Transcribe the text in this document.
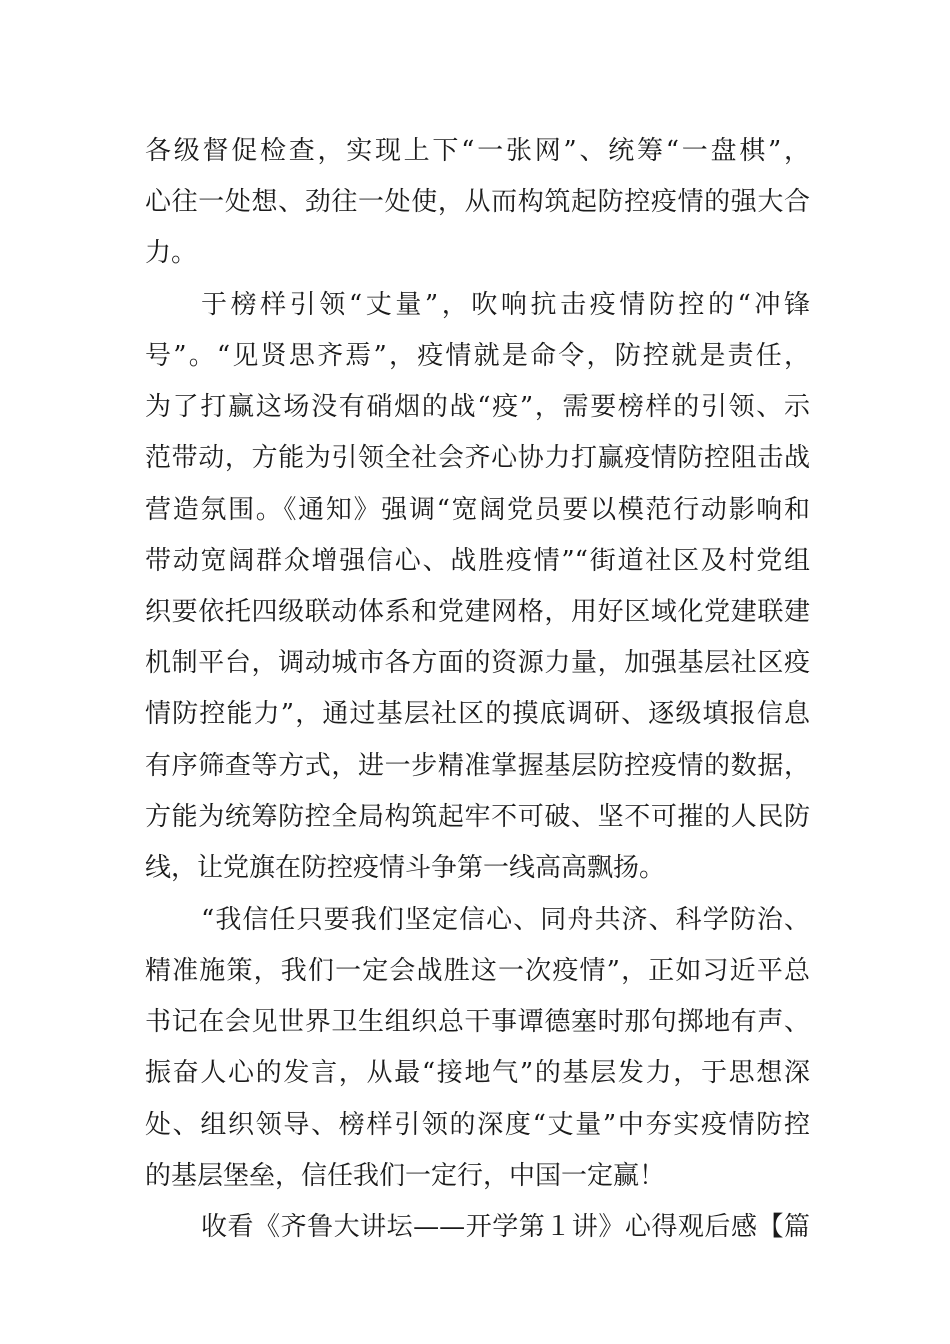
各级督促检查，实现上下“一张网”、统筹“一盘棋”，
心往一处想、劲往一处使，从而构筑起防控疫情的强大合
力。
于榜样引领“丈量”，吹响抗击疫情防控的“冲锋
号”。“见贤思齐焉”，疫情就是命令，防控就是责任，
为了打赢这场没有硝烟的战“疫”，需要榜样的引领、示
范带动，方能为引领全社会齐心协力打赢疫情防控阻击战
营造氛围。《通知》强调“宽阔党员要以模范行动影响和
带动宽阔群众增强信心、战胜疫情”“街道社区及村党组
织要依托四级联动体系和党建网格，用好区域化党建联建
机制平台，调动城市各方面的资源力量，加强基层社区疫
情防控能力”，通过基层社区的摸底调研、逐级填报信息
有序筛查等方式，进一步精准掌握基层防控疫情的数据，
方能为统筹防控全局构筑起牢不可破、坚不可摧的人民防
线，让党旗在防控疫情斗争第一线高高飘扬。
“我信任只要我们坚定信心、同舟共济、科学防治、
精准施策，我们一定会战胜这一次疫情”，正如习近平总
书记在会见世界卫生组织总干事谭德塞时那句掷地有声、
振奋人心的发言，从最“接地气”的基层发力，于思想深
处、组织领导、榜样引领的深度“丈量”中夯实疫情防控
的基层堡垒，信任我们一定行，中国一定赢！
收看《齐鲁大讲坛——开学第１讲》心得观后感【篇
